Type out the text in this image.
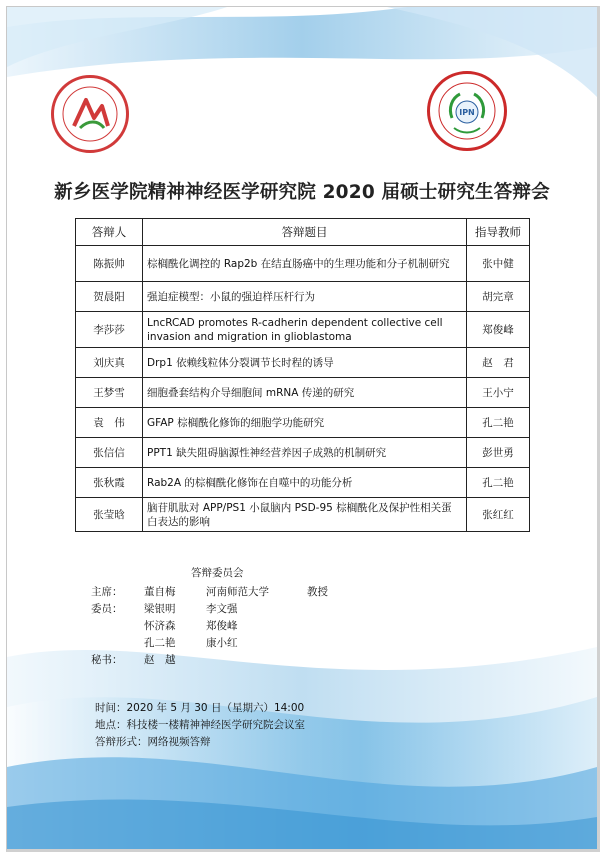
IPN
新乡医学院精神神经医学研究院 2020 届硕士研究生答辩会
答辩人	答辩题目	指导教师
陈振帅	棕榈酰化调控的 Rap2b 在结直肠癌中的生理功能和分子机制研究	张中健
贺晨阳	强迫症模型：小鼠的强迫样压杆行为	胡完章
李莎莎	LncRCAD promotes R-cadherin dependent collective cell invasion and migration in glioblastoma	郑俊峰
刘庆真	Drp1 依赖线粒体分裂调节长时程的诱导	赵　君
王梦雪	细胞叠套结构介导细胞间 mRNA 传递的研究	王小宁
袁　伟	GFAP 棕榈酰化修饰的细胞学功能研究	孔二艳
张信信	PPT1 缺失阻碍脑源性神经营养因子成熟的机制研究	彭世勇
张秋霞	Rab2A 的棕榈酰化修饰在自噬中的功能分析	孔二艳
张莹晗	脑苷肌肽对 APP/PS1 小鼠脑内 PSD-95 棕榈酰化及保护性相关蛋白表达的影响	张红红
答辩委员会
主席： 董自梅	河南师范大学	教授
委员： 梁银明	李文强
怀济森	郑俊峰
孔二艳	康小红
秘书： 赵　越
时间：2020 年 5 月 30 日（星期六）14:00
地点：科技楼一楼精神神经医学研究院会议室
答辩形式：网络视频答辩
